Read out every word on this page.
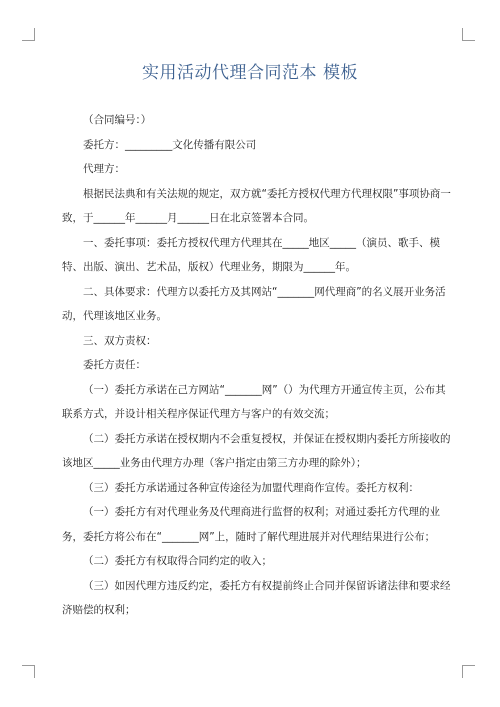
实用活动代理合同范本 模板

（合同编号：）

委托方：_________文化传播有限公司

代理方：

根据民法典和有关法规的规定，双方就“委托方授权代理方代理权限”事项协商一致，于______年______月______日在北京签署本合同。

一、委托事项：委托方授权代理方代理其在_____地区_____（演员、歌手、模特、出版、演出、艺术品，版权）代理业务，期限为______年。

二、具体要求：代理方以委托方及其网站“_______网代理商”的名义展开业务活动，代理该地区业务。

三、双方责权：

委托方责任：

（一）委托方承诺在己方网站“_______网”（）为代理方开通宣传主页，公布其联系方式，并设计相关程序保证代理方与客户的有效交流；

（二）委托方承诺在授权期内不会重复授权，并保证在授权期内委托方所接收的该地区_____业务由代理方办理（客户指定由第三方办理的除外）；

（三）委托方承诺通过各种宣传途径为加盟代理商作宣传。委托方权利：

（一）委托方有对代理业务及代理商进行监督的权利；对通过委托方代理的业务，委托方将公布在“_______网”上，随时了解代理进展并对代理结果进行公布；

（二）委托方有权取得合同约定的收入；

（三）如因代理方违反约定，委托方有权提前终止合同并保留诉诸法律和要求经济赔偿的权利；
